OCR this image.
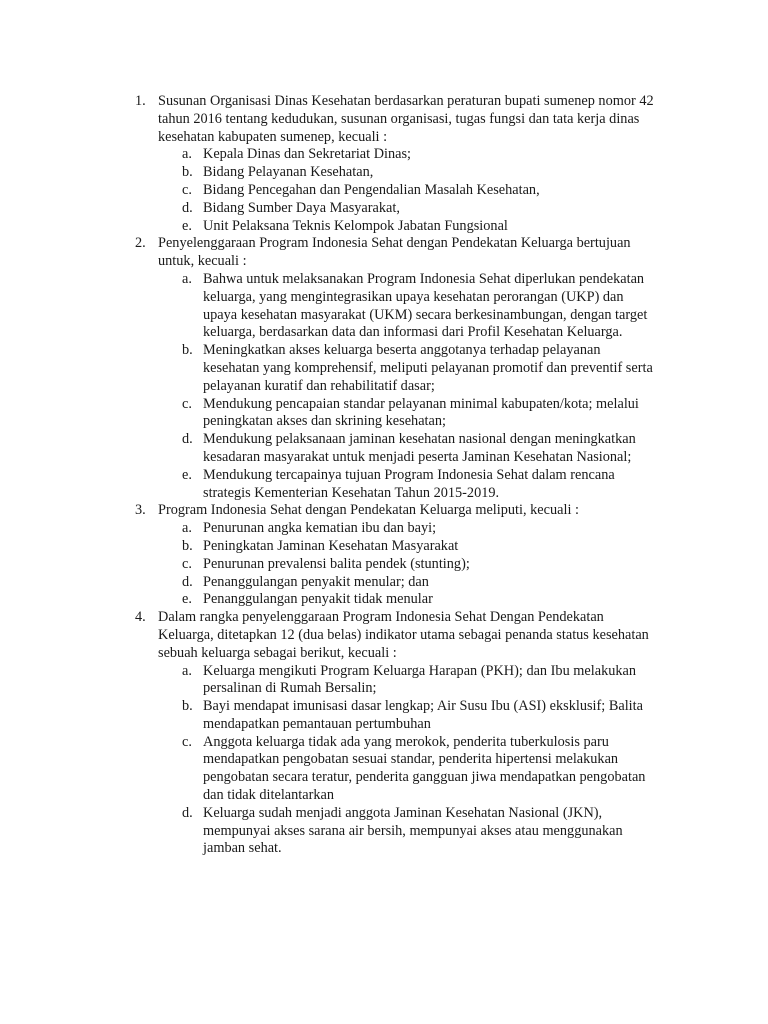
1. Susunan Organisasi Dinas Kesehatan berdasarkan peraturan bupati sumenep nomor 42 tahun 2016 tentang kedudukan, susunan organisasi, tugas fungsi dan tata kerja dinas kesehatan kabupaten sumenep, kecuali :
a. Kepala Dinas dan Sekretariat Dinas;
b. Bidang Pelayanan Kesehatan,
c. Bidang Pencegahan dan Pengendalian Masalah Kesehatan,
d. Bidang Sumber Daya Masyarakat,
e. Unit Pelaksana Teknis Kelompok Jabatan Fungsional
2. Penyelenggaraan Program Indonesia Sehat dengan Pendekatan Keluarga bertujuan untuk, kecuali :
a. Bahwa untuk melaksanakan Program Indonesia Sehat diperlukan pendekatan keluarga, yang mengintegrasikan upaya kesehatan perorangan (UKP) dan upaya kesehatan masyarakat (UKM) secara berkesinambungan, dengan target keluarga, berdasarkan data dan informasi dari Profil Kesehatan Keluarga.
b. Meningkatkan akses keluarga beserta anggotanya terhadap pelayanan kesehatan yang komprehensif, meliputi pelayanan promotif dan preventif serta pelayanan kuratif dan rehabilitatif dasar;
c. Mendukung pencapaian standar pelayanan minimal kabupaten/kota; melalui peningkatan akses dan skrining kesehatan;
d. Mendukung pelaksanaan jaminan kesehatan nasional dengan meningkatkan kesadaran masyarakat untuk menjadi peserta Jaminan Kesehatan Nasional;
e. Mendukung tercapainya tujuan Program Indonesia Sehat dalam rencana strategis Kementerian Kesehatan Tahun 2015-2019.
3. Program Indonesia Sehat dengan Pendekatan Keluarga meliputi, kecuali :
a. Penurunan angka kematian ibu dan bayi;
b. Peningkatan Jaminan Kesehatan Masyarakat
c. Penurunan prevalensi balita pendek (stunting);
d. Penanggulangan penyakit menular; dan
e. Penanggulangan penyakit tidak menular
4. Dalam rangka penyelenggaraan Program Indonesia Sehat Dengan Pendekatan Keluarga, ditetapkan 12 (dua belas) indikator utama sebagai penanda status kesehatan sebuah keluarga sebagai berikut, kecuali :
a. Keluarga mengikuti Program Keluarga Harapan (PKH); dan Ibu melakukan persalinan di Rumah Bersalin;
b. Bayi mendapat imunisasi dasar lengkap; Air Susu Ibu (ASI) eksklusif; Balita mendapatkan pemantauan pertumbuhan
c. Anggota keluarga tidak ada yang merokok, penderita tuberkulosis paru mendapatkan pengobatan sesuai standar, penderita hipertensi melakukan pengobatan secara teratur, penderita gangguan jiwa mendapatkan pengobatan dan tidak ditelantarkan
d. Keluarga sudah menjadi anggota Jaminan Kesehatan Nasional (JKN), mempunyai akses sarana air bersih, mempunyai akses atau menggunakan jamban sehat.
